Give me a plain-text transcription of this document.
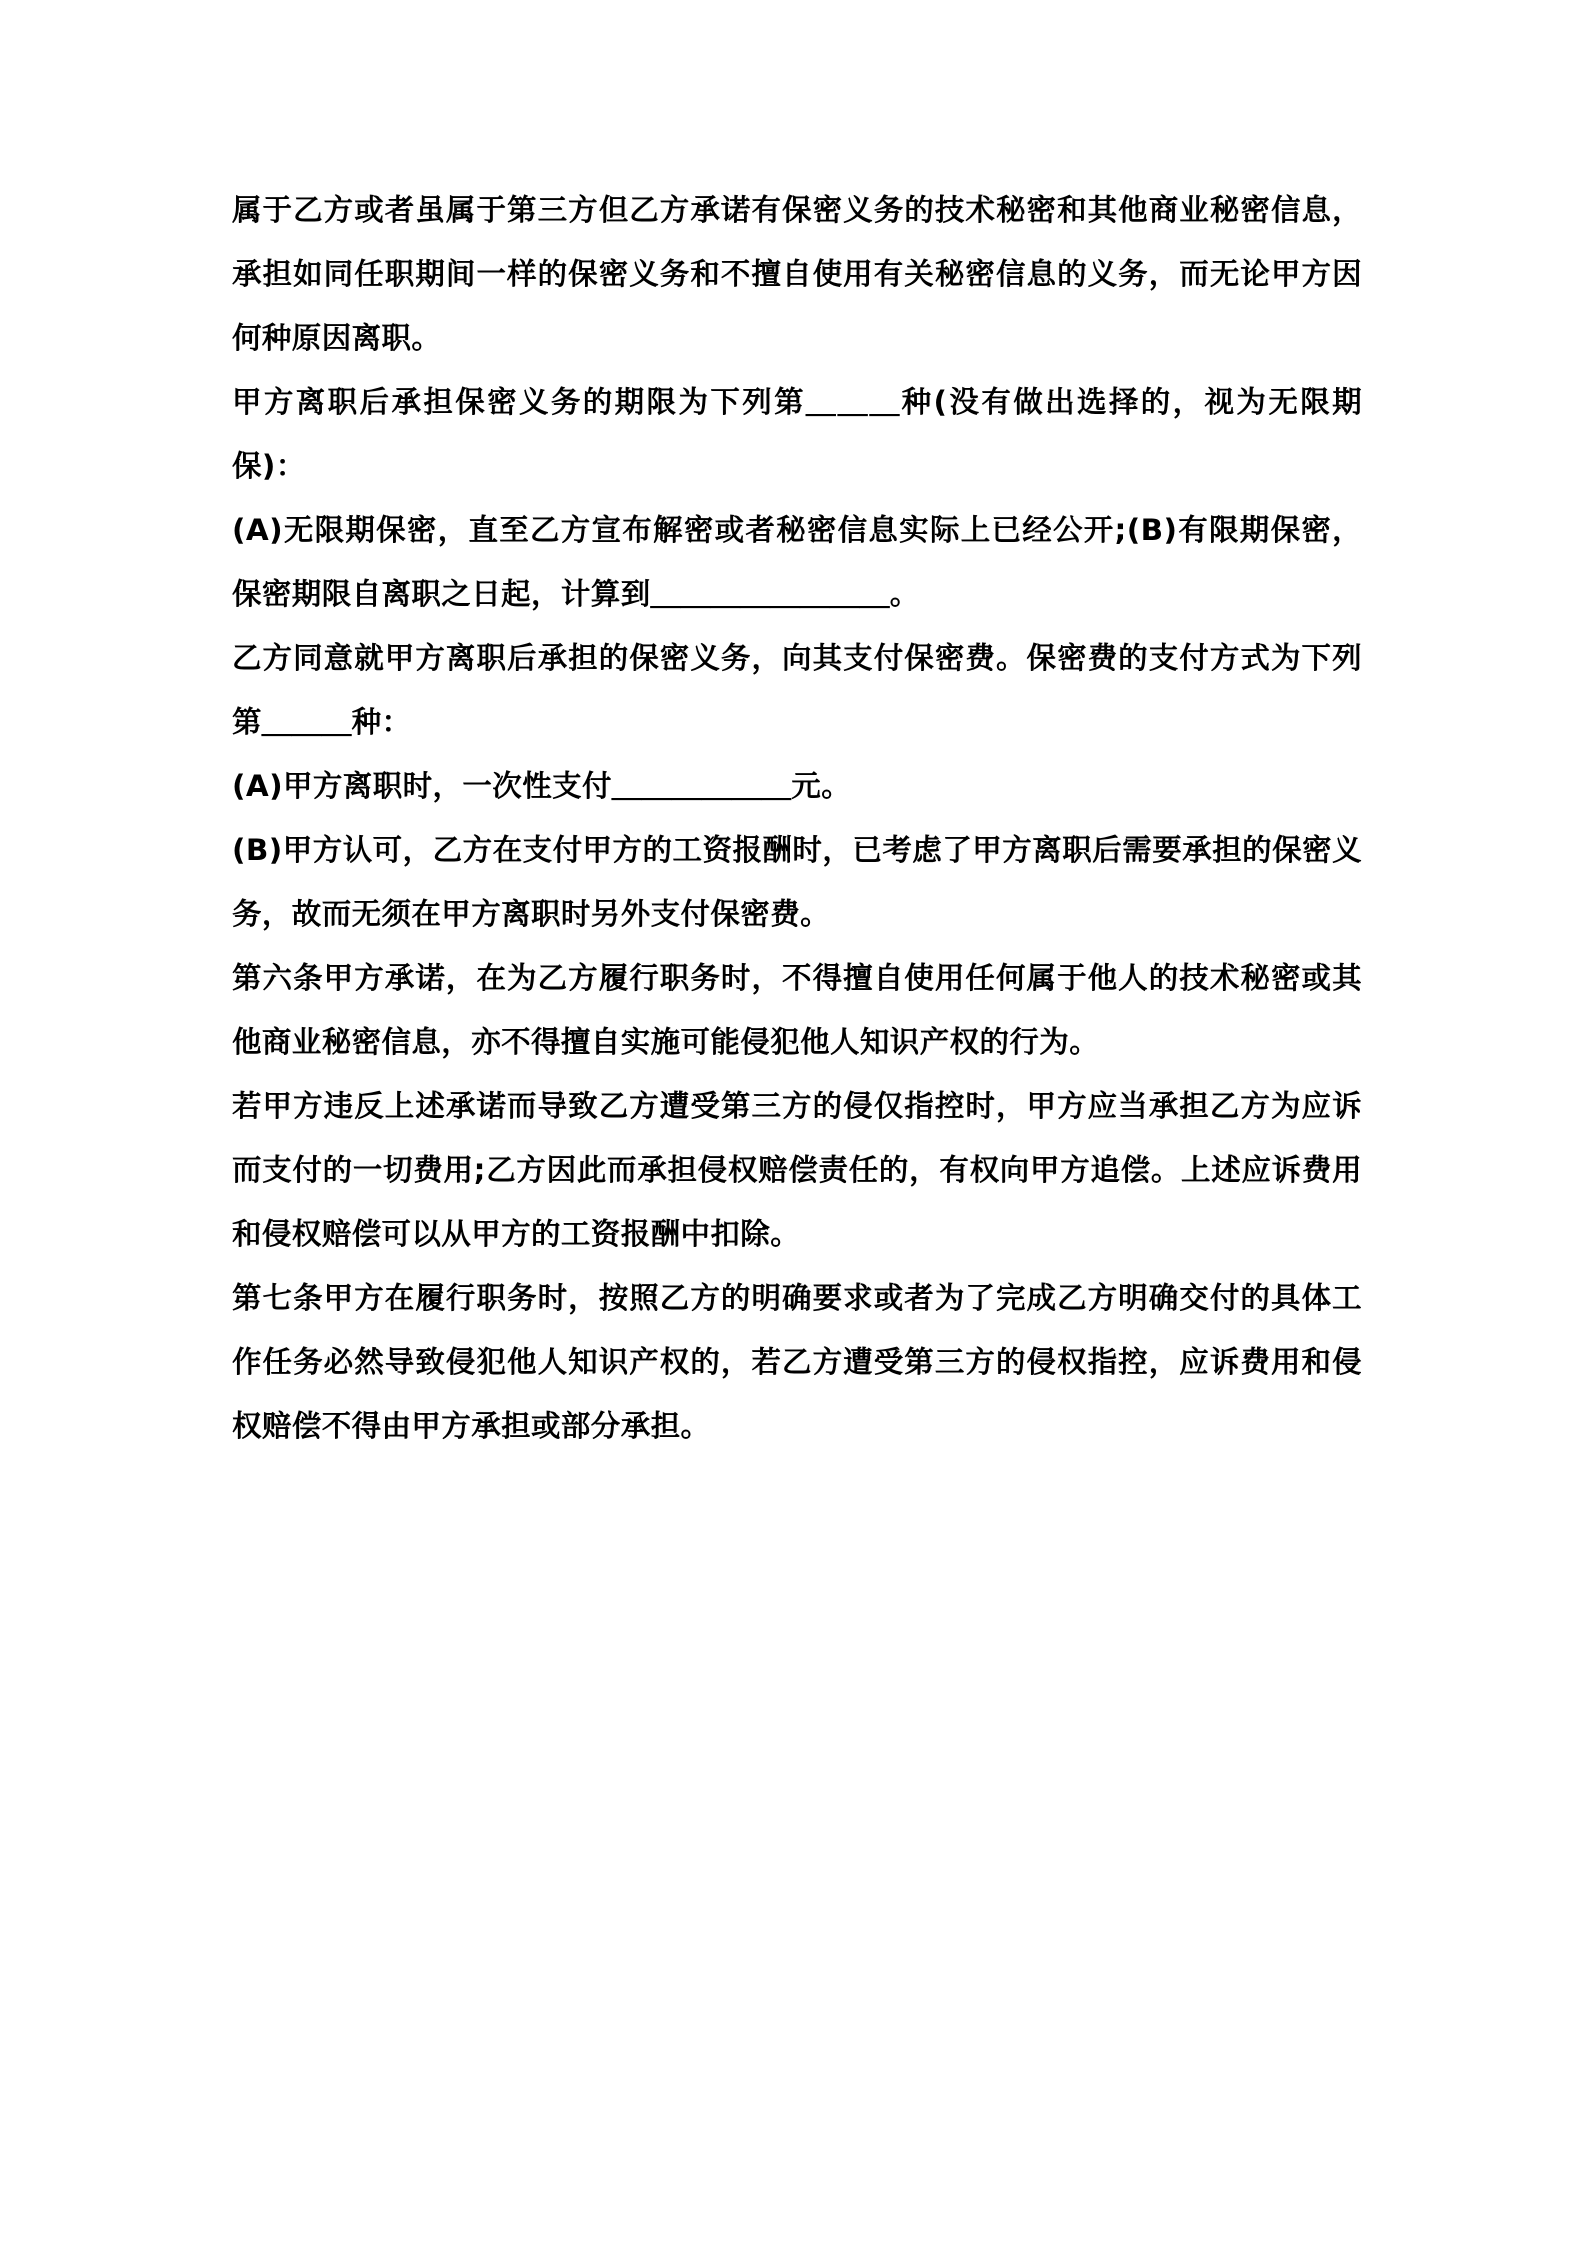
属于乙方或者虽属于第三方但乙方承诺有保密义务的技术秘密和其他商业秘密信息，承担如同任职期间一样的保密义务和不擅自使用有关秘密信息的义务，而无论甲方因何种原因离职。

甲方离职后承担保密义务的期限为下列第＿＿＿种(没有做出选择的，视为无限期保)：

(A)无限期保密，直至乙方宣布解密或者秘密信息实际上已经公开;(B)有限期保密，保密期限自离职之日起，计算到＿＿＿＿＿＿＿＿。

乙方同意就甲方离职后承担的保密义务，向其支付保密费。保密费的支付方式为下列第＿＿＿种：

(A)甲方离职时，一次性支付＿＿＿＿＿＿元。

(B)甲方认可，乙方在支付甲方的工资报酬时，已考虑了甲方离职后需要承担的保密义务，故而无须在甲方离职时另外支付保密费。

第六条甲方承诺，在为乙方履行职务时，不得擅自使用任何属于他人的技术秘密或其他商业秘密信息，亦不得擅自实施可能侵犯他人知识产权的行为。

若甲方违反上述承诺而导致乙方遭受第三方的侵仅指控时，甲方应当承担乙方为应诉而支付的一切费用;乙方因此而承担侵权赔偿责任的，有权向甲方追偿。上述应诉费用和侵权赔偿可以从甲方的工资报酬中扣除。

第七条甲方在履行职务时，按照乙方的明确要求或者为了完成乙方明确交付的具体工作任务必然导致侵犯他人知识产权的，若乙方遭受第三方的侵权指控，应诉费用和侵权赔偿不得由甲方承担或部分承担。
